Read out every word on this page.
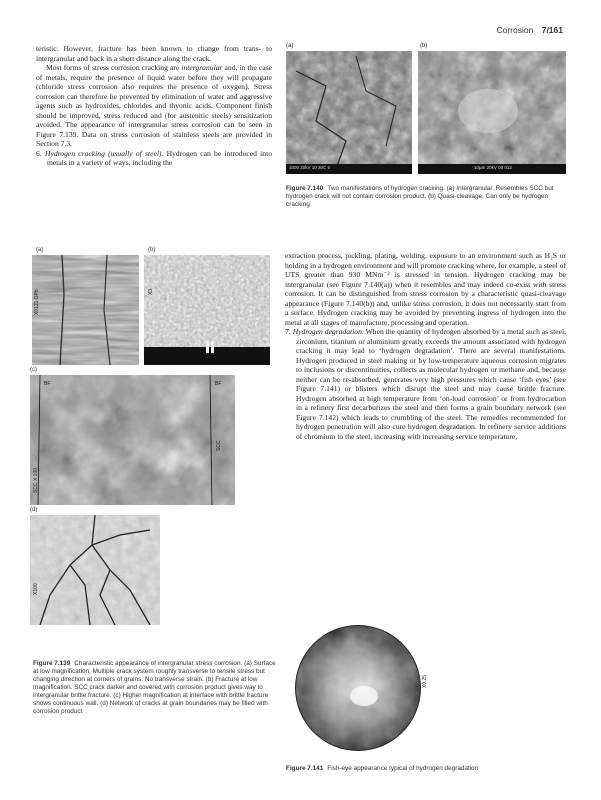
Corrosion 7/161

teristic. However, fracture has been known to change from trans- to intergranular and back in a short distance along the crack.

Most forms of stress corrosion cracking are intergranular and, in the case of metals, require the presence of liquid water before they will propagate (chloride stress corrosion also requires the presence of oxygen). Stress corrosion can therefore be prevented by elimination of water and aggressive agents such as hydroxides, chlorides and thyonic acids. Component finish should be improved, stress reduced and (for austenitic steels) sensitization avoided. The appearance of intergranular stress corrosion can be seen in Figure 7.139. Data on stress corrosion of stainless steels are provided in Section 7.3.

6. Hydrogen cracking (usually of steel). Hydrogen can be introduced into metals in a variety of ways, including the

(a)	(b)
1000 20kV 10 30C 5	10µm 20kV 00 012
Figure 7.140 Two manifestations of hydrogen cracking. (a) Intergranular. Resembles SCC but hydrogen crack will not contain corrosion product. (b) Quasi-cleavage. Can only be hydrogen cracking
(a)	(b)
X0121 DPb	X3
(c)
SCC X 100
BF	BF
SCC
(d)
X100
Figure 7.139 Characteristic appearance of intergranular stress corrosion. (a) Surface at low magnification. Multiple crack system roughly transverse to tensile stress but changing direction at corners of grains. No transverse strain. (b) Fracture at low magnification. SCC crack darker and covered with corrosion product gives way to intergranular brittle fracture. (c) Higher magnification at interface with brittle fracture shows continuous wall. (d) Network of cracks at grain boundaries may be filled with corrosion product

extraction process, pickling, plating, welding, exposure to an environment such as H₂S or holding in a hydrogen environment and will promote cracking where, for example, a steel of UTS greater than 930 MNm⁻² is stressed in tension. Hydrogen cracking may be intergranular (see Figure 7.140(a)) when it resembles and may indeed co-exist with stress corrosion. It can be distinguished from stress corrosion by a characteristic quasi-cleavage appearance (Figure 7.140(b)) and, unlike stress corrosion, it does not necessarily start from a surface. Hydrogen cracking may be avoided by preventing ingress of hydrogen into the metal at all stages of manufacture, processing and operation.

7. Hydrogen degradation. When the quantity of hydrogen absorbed by a metal such as steel, zirconium, titanium or aluminium greatly exceeds the amount associated with hydrogen cracking it may lead to ‘hydrogen degradation’. There are several manifestations. Hydrogen produced in steel making or by low-temperature aqueous corrosion migrates to inclusions or discontinuities, collects as molecular hydrogen or methane and, because neither can be re-absorbed, generates very high pressures which cause ‘fish eyes’ (see Figure 7.141) or blisters which disrupt the steel and may cause brittle fracture. Hydrogen absorbed at high temperature from ‘on-load corrosion’ or from hydrocarbon in a refinery first decarburizes the steel and then forms a grain boundary network (see Figure 7.142) which leads to crumbling of the steel. The remedies recommended for hydrogen penetration will also cure hydrogen degradation. In refinery service additions of chromium to the steel, increasing with increasing service temperature,

X0.25
Figure 7.141 Fish-eye appearance typical of hydrogen degradation
